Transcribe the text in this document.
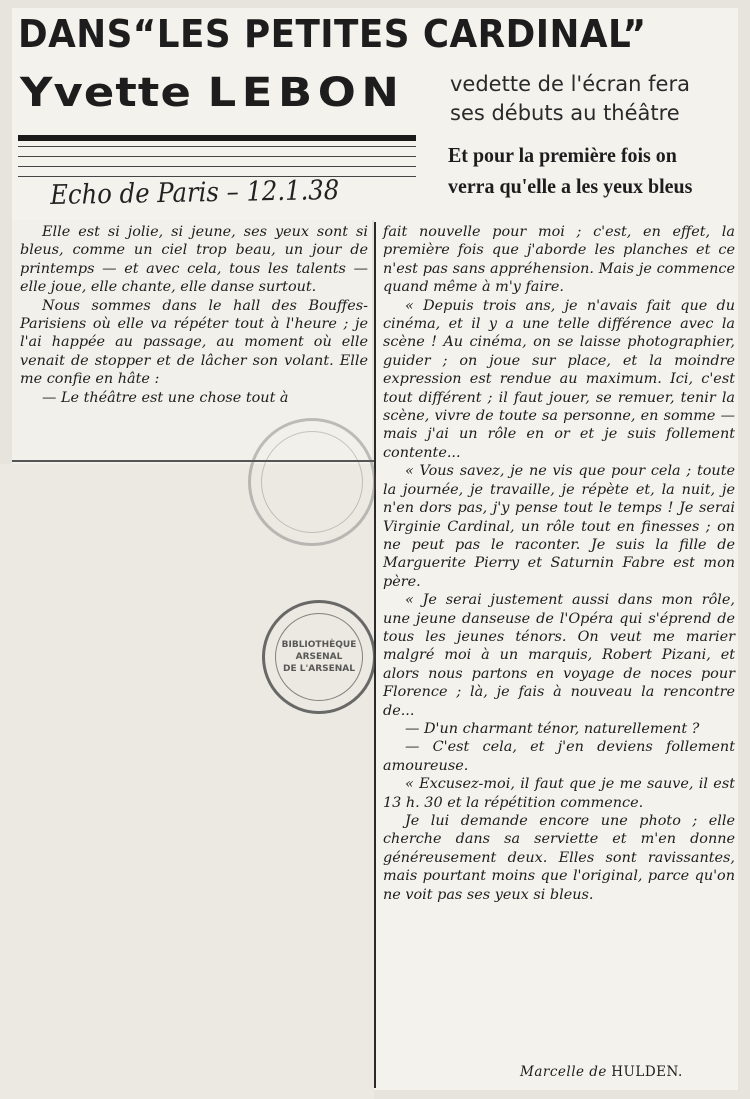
DANS“LES PETITES CARDINAL”
Yvette LEBON vedette de l'écran fera
ses débuts au théâtre
Et pour la première fois on
verra qu'elle a les yeux bleus
Echo de Paris – 12.1.38

Elle est si jolie, si jeune, ses yeux sont si bleus, comme un ciel trop beau, un jour de printemps — et avec cela, tous les talents — elle joue, elle chante, elle danse surtout.

Nous sommes dans le hall des Bouffes-Parisiens où elle va répéter tout à l'heure ; je l'ai happée au passage, au moment où elle venait de stopper et de lâcher son volant. Elle me confie en hâte :

— Le théâtre est une chose tout à

fait nouvelle pour moi ; c'est, en effet, la première fois que j'aborde les planches et ce n'est pas sans appréhension. Mais je commence quand même à m'y faire.

« Depuis trois ans, je n'avais fait que du cinéma, et il y a une telle différence avec la scène ! Au cinéma, on se laisse photographier, guider ; on joue sur place, et la moindre expression est rendue au maximum. Ici, c'est tout différent ; il faut jouer, se remuer, tenir la scène, vivre de toute sa personne, en somme — mais j'ai un rôle en or et je suis follement contente...

« Vous savez, je ne vis que pour cela ; toute la journée, je travaille, je répète et, la nuit, je n'en dors pas, j'y pense tout le temps ! Je serai Virginie Cardinal, un rôle tout en finesses ; on ne peut pas le raconter. Je suis la fille de Marguerite Pierry et Saturnin Fabre est mon père.

« Je serai justement aussi dans mon rôle, une jeune danseuse de l'Opéra qui s'éprend de tous les jeunes ténors. On veut me marier malgré moi à un marquis, Robert Pizani, et alors nous partons en voyage de noces pour Florence ; là, je fais à nouveau la rencontre de...

— D'un charmant ténor, naturellement ?

— C'est cela, et j'en deviens follement amoureuse.

« Excusez-moi, il faut que je me sauve, il est 13 h. 30 et la répétition commence.

Je lui demande encore une photo ; elle cherche dans sa serviette et m'en donne généreusement deux. Elles sont ravissantes, mais pourtant moins que l'original, parce qu'on ne voit pas ses yeux si bleus.

Marcelle de HULDEN.
BIBLIOTHÈQUE
ARSENAL
DE L'ARSENAL
